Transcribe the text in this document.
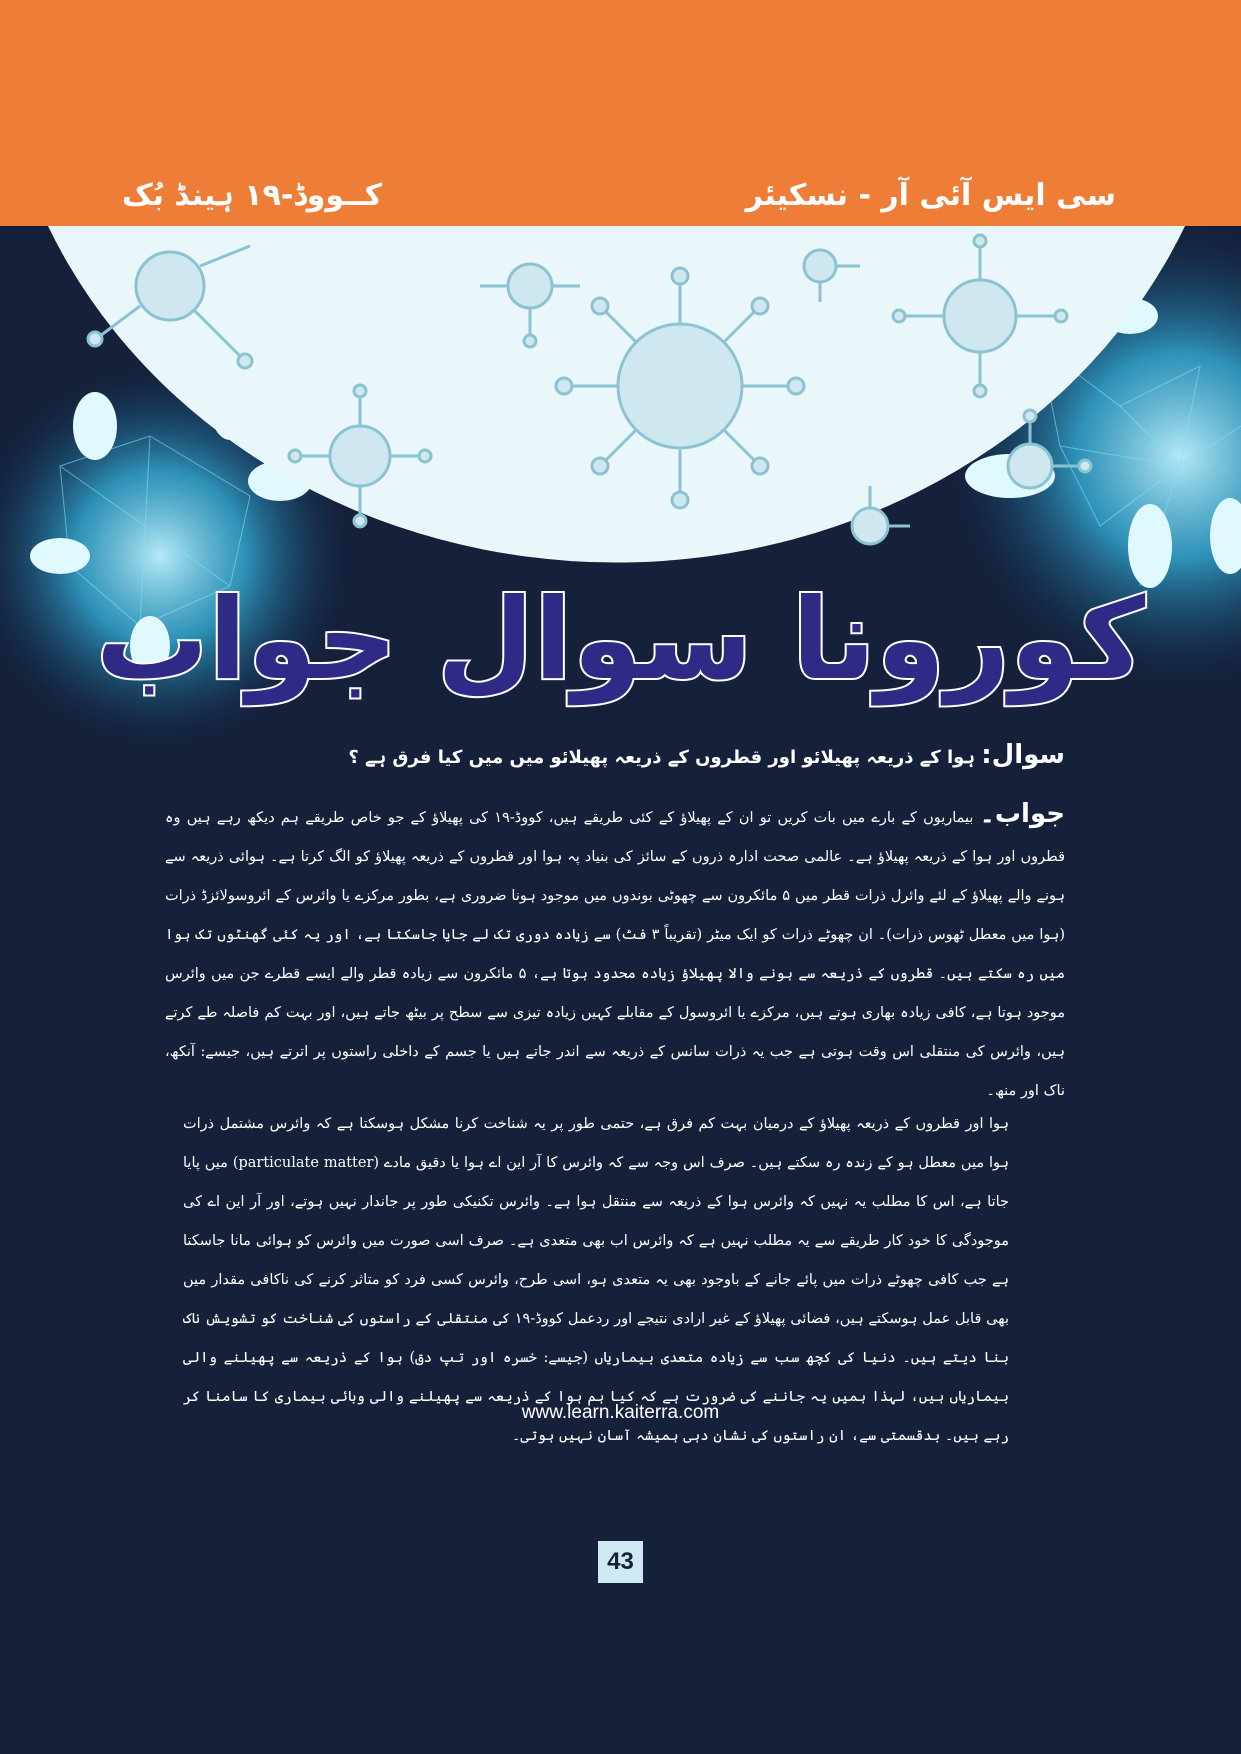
سی ایس آئی آر - نسکیئر
کــووڈ-۱۹ ہینڈ بُک
کورونا سوال جواب
سوال: ہوا کے ذریعہ پھیلائو اور قطروں کے ذریعہ پھیلائو میں میں کیا فرق ہے ؟
جواب۔ بیماریوں کے بارے میں بات کریں تو ان کے پھیلاؤ کے کئی طریقے ہیں، کووڈ-۱۹ کی پھیلاؤ کے جو خاص طریقے ہم دیکھ رہے ہیں وہ قطروں اور ہوا کے ذریعہ پھیلاؤ ہے۔ عالمی صحت ادارہ ذروں کے سائز کی بنیاد پہ ہوا اور قطروں کے ذریعہ پھیلاؤ کو الگ کرتا ہے۔ ہوائی ذریعہ سے ہونے والے پھیلاؤ کے لئے وائرل ذرات قطر میں ۵ مائکرون سے چھوٹی بوندوں میں موجود ہونا ضروری ہے، بطور مرکزے یا وائرس کے ائروسولائزڈ ذرات (ہوا میں معطل ٹھوس ذرات)۔ ان چھوٹے ذرات کو ایک میٹر (تقریباً ۳ فٹ) سے زیادہ دوری تک لے جایا جاسکتا ہے، اور یہ کئی گھنٹوں تک ہوا میں رہ سکتے ہیں۔ قطروں کے ذریعہ سے ہونے والا پھیلاؤ زیادہ محدود ہوتا ہے، ۵ مائکرون سے زیادہ قطر والے ایسے قطرے جن میں وائرس موجود ہوتا ہے، کافی زیادہ بھاری ہوتے ہیں، مرکزے یا ائروسول کے مقابلے کہیں زیادہ تیزی سے سطح پر بیٹھ جاتے ہیں، اور بہت کم فاصلہ طے کرتے ہیں، وائرس کی منتقلی اس وقت ہوتی ہے جب یہ ذرات سانس کے ذریعہ سے اندر جاتے ہیں یا جسم کے داخلی راستوں پر اترتے ہیں، جیسے: آنکھ، ناک اور منھ۔
ہوا اور قطروں کے ذریعہ پھیلاؤ کے درمیان بہت کم فرق ہے، حتمی طور پر یہ شناخت کرنا مشکل ہوسکتا ہے کہ وائرس مشتمل ذرات ہوا میں معطل ہو کے زندہ رہ سکتے ہیں۔ صرف اس وجہ سے کہ وائرس کا آر این اے ہوا یا دقیق مادے (particulate matter) میں پایا جاتا ہے، اس کا مطلب یہ نہیں کہ وائرس ہوا کے ذریعہ سے منتقل ہوا ہے۔ وائرس تکنیکی طور پر جاندار نہیں ہوتے، اور آر این اے کی موجودگی کا خود کار طریقے سے یہ مطلب نہیں ہے کہ وائرس اب بھی متعدی ہے۔ صرف اسی صورت میں وائرس کو ہوائی مانا جاسکتا ہے جب کافی چھوٹے ذرات میں پائے جانے کے باوجود بھی یہ متعدی ہو، اسی طرح، وائرس کسی فرد کو متاثر کرنے کی ناکافی مقدار میں بھی قابل عمل ہوسکتے ہیں، فضائی پھیلاؤ کے غیر ارادی نتیجے اور ردعمل کووڈ-۱۹ کی منتقلی کے راستوں کی شناخت کو تشویش ناک بنا دیتے ہیں۔ دنیا کی کچھ سب سے زیادہ متعدی بیماریاں (جیسے: خسرہ اور تپ دق) ہوا کے ذریعہ سے پھیلنے والی بیماریاں ہیں، لہذا ہمیں یہ جاننے کی ضرورت ہے کہ کیا ہم ہوا کے ذریعہ سے پھیلنے والی وبائی بیماری کا سامنا کر رہے ہیں۔ بدقسمتی سے، ان راستوں کی نشان دہی ہمیشہ آسان نہیں ہوتی۔
www.learn.kaiterra.com
43
